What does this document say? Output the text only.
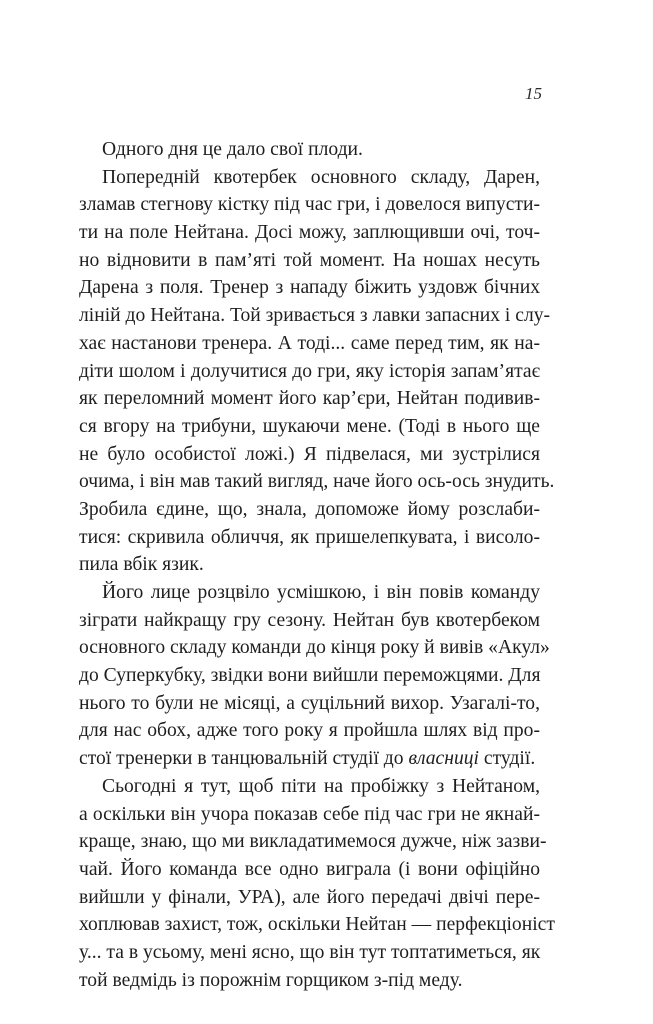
15
Одного дня це дало свої плоди.
Попередній квотербек основного складу, Дарен,
зламав стегнову кістку під час гри, і довелося випусти-
ти на поле Нейтана. Досі можу, заплющивши очі, точ-
но відновити в пам’яті той момент. На ношах несуть
Дарена з поля. Тренер з нападу біжить уздовж бічних
ліній до Нейтана. Той зривається з лавки запасних і слу-
хає настанови тренера. А тоді... саме перед тим, як на-
діти шолом і долучитися до гри, яку історія запам’ятає
як переломний момент його кар’єри, Нейтан подивив-
ся вгору на трибуни, шукаючи мене. (Тоді в нього ще
не було особистої ложі.) Я підвелася, ми зустрілися
очима, і він мав такий вигляд, наче його ось-ось знудить.
Зробила єдине, що, знала, допоможе йому розслаби-
тися: скривила обличчя, як пришелепкувата, і висоло-
пила вбік язик.
Його лице розцвіло усмішкою, і він повів команду
зіграти найкращу гру сезону. Нейтан був квотербеком
основного складу команди до кінця року й вивів «Акул»
до Суперкубку, звідки вони вийшли переможцями. Для
нього то були не місяці, а суцільний вихор. Узагалі-то,
для нас обох, адже того року я пройшла шлях від про-
стої тренерки в танцювальній студії до власниці студії.
Сьогодні я тут, щоб піти на пробіжку з Нейтаном,
а оскільки він учора показав себе під час гри не якнай-
краще, знаю, що ми викладатимемося дужче, ніж зазви-
чай. Його команда все одно виграла (і вони офіційно
вийшли у фінали, УРА), але його передачі двічі пере-
хоплював захист, тож, оскільки Нейтан — перфекціоніст
у... та в усьому, мені ясно, що він тут топтатиметься, як
той ведмідь із порожнім горщиком з-під меду.
